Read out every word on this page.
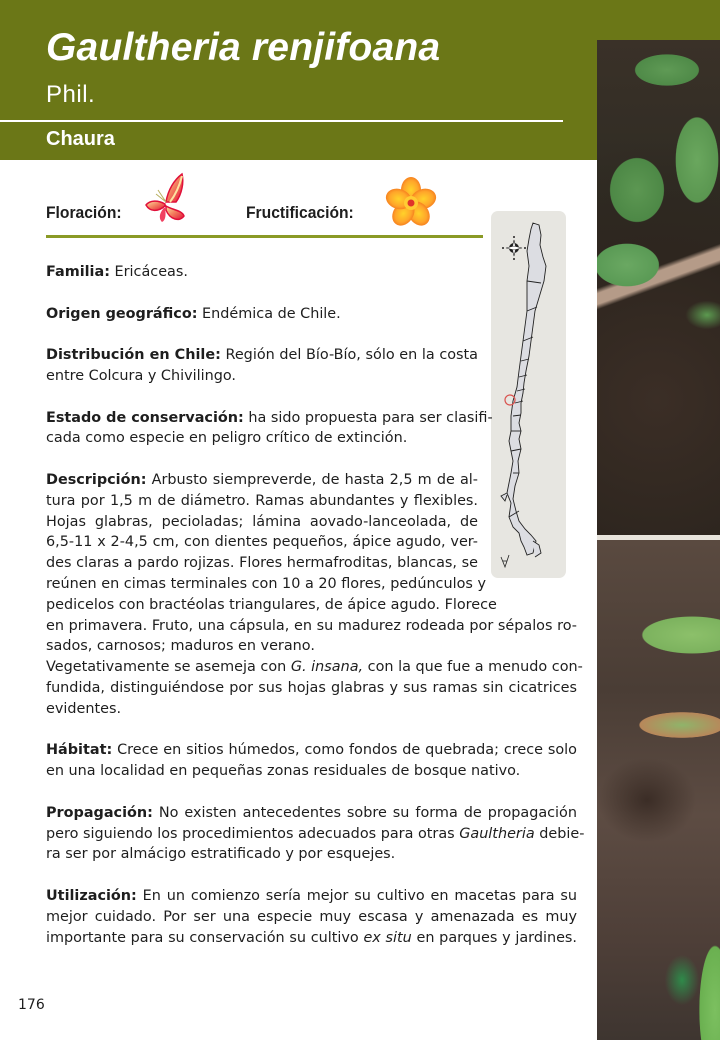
Gaultheria renjifoana
Phil.
Chaura
Floración:	Fructificación:

Familia: Ericáceas.

Origen geográfico: Endémica de Chile.

Distribución en Chile: Región del Bío-Bío, sólo en la costa
entre Colcura y Chivilingo.
Estado de conservación: ha sido propuesta para ser clasifi-
cada como especie en peligro crítico de extinción.
Descripción: Arbusto siempreverde, de hasta 2,5 m de al-
tura por 1,5 m de diámetro. Ramas abundantes y flexibles.
Hojas glabras, pecioladas; lámina aovado-lanceolada, de
6,5-11 x 2-4,5 cm, con dientes pequeños, ápice agudo, ver-
des claras a pardo rojizas. Flores hermafroditas, blancas, se
reúnen en cimas terminales con 10 a 20 flores, pedúnculos y
pedicelos con bractéolas triangulares, de ápice agudo. Florece
en primavera. Fruto, una cápsula, en su madurez rodeada por sépalos ro-
sados, carnosos; maduros en verano.
Vegetativamente se asemeja con G. insana, con la que fue a menudo con-
fundida, distinguiéndose por sus hojas glabras y sus ramas sin cicatrices
evidentes.
Hábitat: Crece en sitios húmedos, como fondos de quebrada; crece solo
en una localidad en pequeñas zonas residuales de bosque nativo.
Propagación: No existen antecedentes sobre su forma de propagación
pero siguiendo los procedimientos adecuados para otras Gaultheria debie-
ra ser por almácigo estratificado y por esquejes.
Utilización: En un comienzo sería mejor su cultivo en macetas para su
mejor cuidado. Por ser una especie muy escasa y amenazada es muy
importante para su conservación su cultivo ex situ en parques y jardines.
176
